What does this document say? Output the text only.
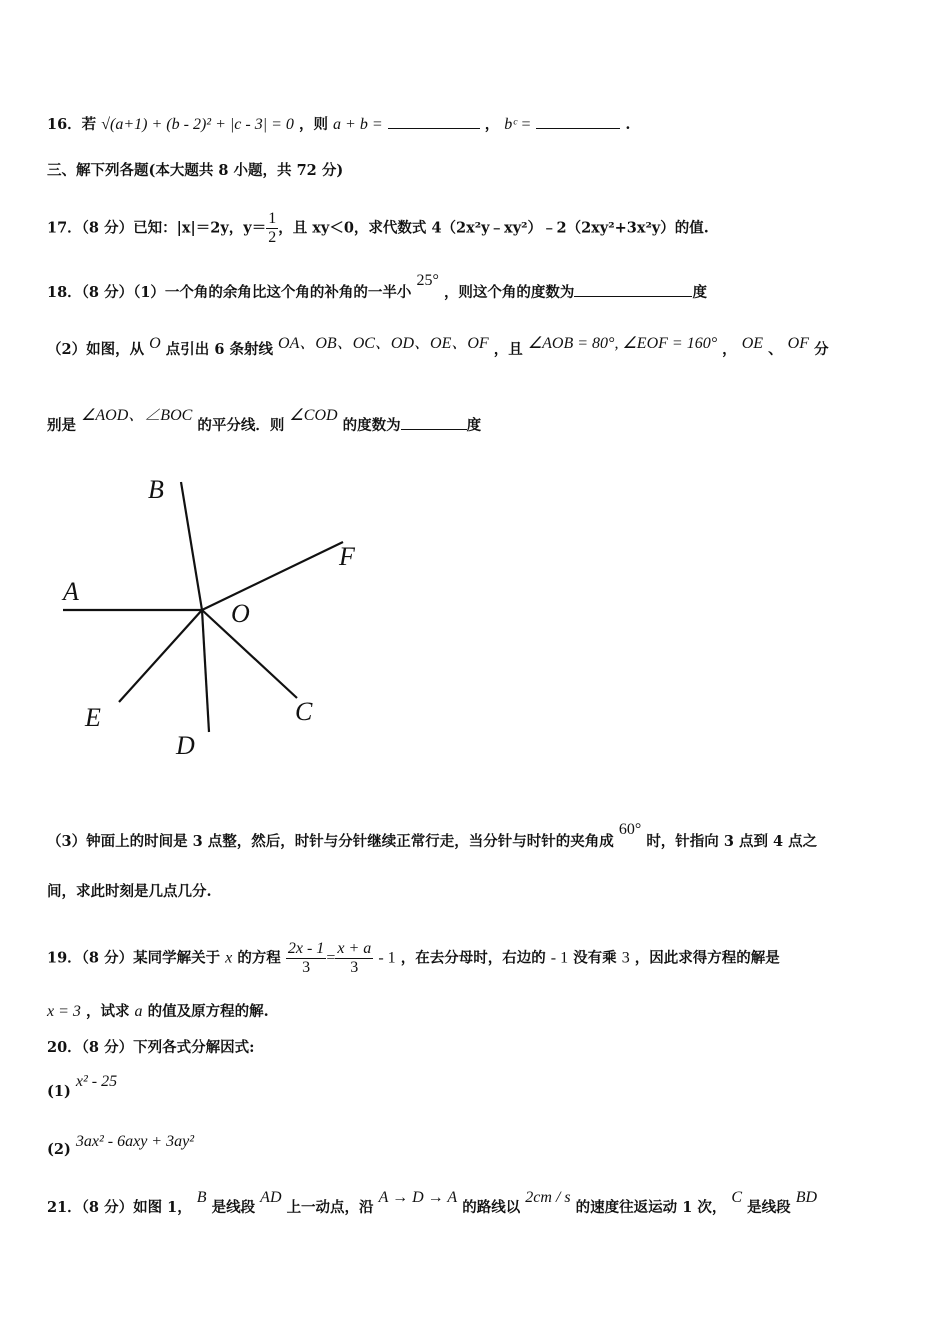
16．若 √(a+1) + (b - 2)² + |c - 3| = 0 ，则 a + b =	， bᶜ =	.
三、解下列各题(本大题共 8 小题，共 72 分)
17．（8 分）已知：|x|＝2y，$y= \frac{1}{2}$ ，且 xy＜0，求代数式 4（2x²y﹣xy²）﹣2（2xy²+3x²y）的值.
18．（8 分）（1）一个角的余角比这个角的补角的一半小 25° ，则这个角的度数为	度
（2）如图，从 O 点引出 6 条射线 OA、OB、OC、OD、OE、OF ，且 ∠AOB = 80°, ∠EOF = 160° ， OE 、 OF 分
别是 ∠AOD、∠BOC 的平分线．则 ∠COD 的度数为	度
B
F
A
O
E	C
D
（3）钟面上的时间是 3 点整，然后，时针与分针继续正常行走，当分针与时针的夹角成 60° 时，针指向 3 点到 4 点之
间，求此时刻是几点几分.
19．（8 分）某同学解关于 x 的方程 $\frac{2x - 1}{3} = \frac{x + a}{3} - 1$ ，在去分母时，右边的 - 1 没有乘 3 ，因此求得方程的解是
x = 3 ，试求 a 的值及原方程的解.
20．（8 分）下列各式分解因式:
(1) x² - 25
(2) 3ax² - 6axy + 3ay²
21．（8 分）如图 1， B 是线段 AD 上一动点，沿 A → D → A 的路线以 2cm / s 的速度往返运动 1 次， C 是线段 BD
